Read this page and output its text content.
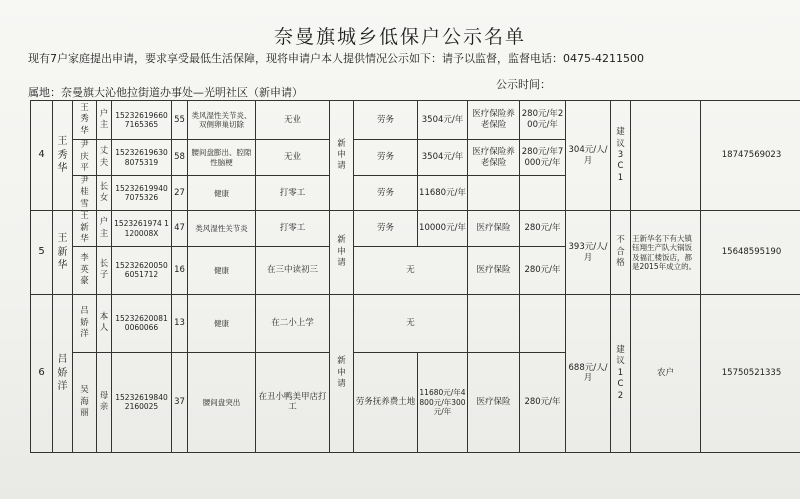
奈曼旗城乡低保户公示名单
现有7户家庭提出申请，要求享受最低生活保障，现将申请户本人提供情况公示如下：请予以监督，监督电话：0475-4211500
公示时间：
属地：奈曼旗大沁他拉街道办事处—光明社区（新申请）
4	王秀华	王秀华	户主	152326196607165365	55	类风湿性关节炎、双侧卵巢切除	无业	新申请	劳务	3504元/年	医疗保险养老保险	280元/年200元/年	304元/人/月	建议3C1		18747569023

		尹庆平	丈夫	152326196308075319	58	腰间盘膨出、腔隙性脑梗	无业		劳务	3504元/年	医疗保险养老保险	280元/年7000元/年				

		尹桂雪	长女	152326199407075326	27	健康	打零工		劳务	11680元/年						
5	王新华	王新华	户主	1523261974 1120008X	47	类风湿性关节炎	打零工	新申请	劳务	10000元/年	医疗保险	280元/年	393元/人/月	不合格	王新华名下有大镇钰翔生产队大锅饭及福汇楼饭店，都是2015年成立的。	15648595190

		李英豪	长子	152326200506051712	16	健康	在三中读初三		无		医疗保险	280元/年				
6	吕娇洋	吕娇洋	本人	152326200810060066	13	健康	在二小上学	新申请	无				688元/人/月	建议1C2	农户	15750521335

		吴海丽	母亲	152326198402160025	37	腰间盘突出	在丑小鸭美甲店打工		劳务抚养费土地	11680元/年4800元/年300元/年	医疗保险	280元/年				
